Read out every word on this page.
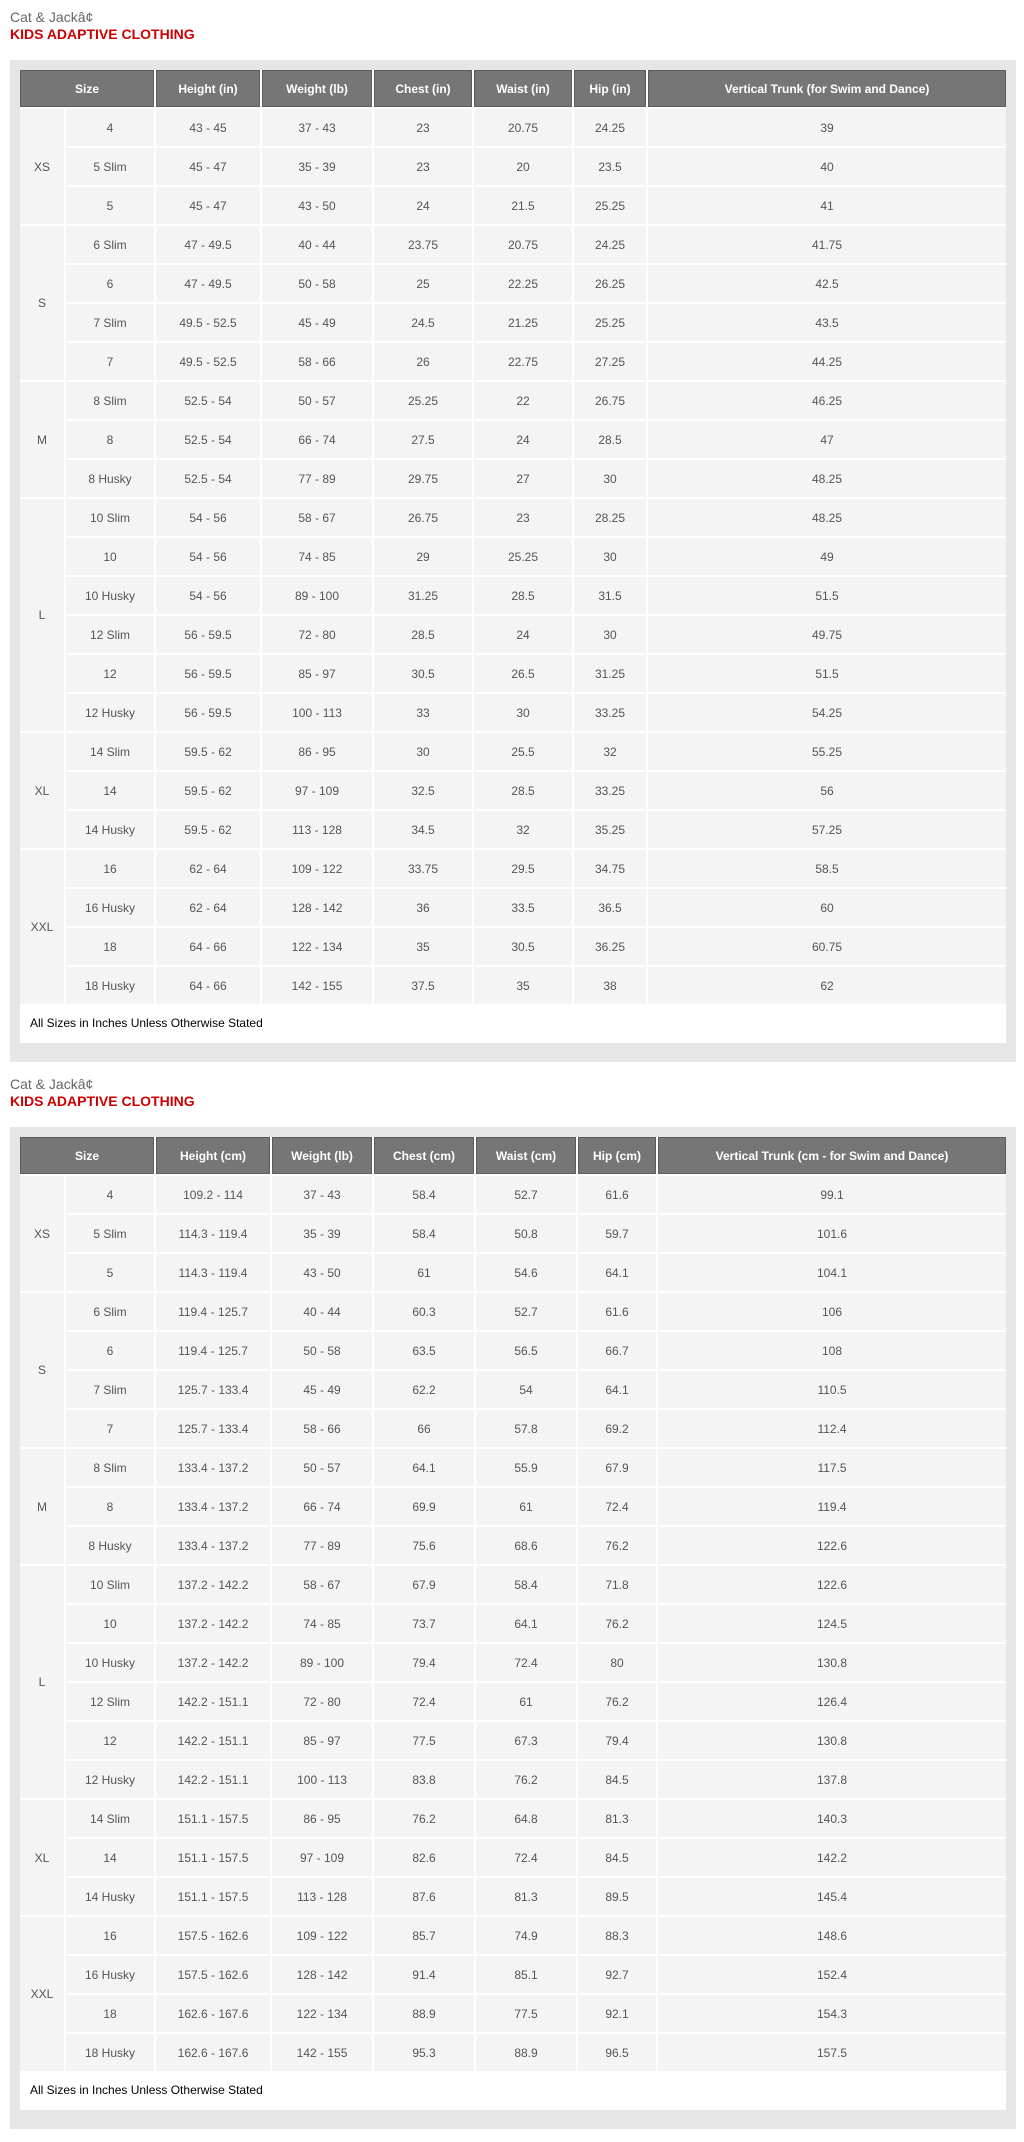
Cat & Jackâ¢
KIDS ADAPTIVE CLOTHING
Size		Height (in)	Weight (lb)	Chest (in)	Waist (in)	Hip (in)	Vertical Trunk (for Swim and Dance)
XS	4	43 - 45	37 - 43	23	20.75	24.25	39
	5 Slim	45 - 47	35 - 39	23	20	23.5	40
	5	45 - 47	43 - 50	24	21.5	25.25	41
S	6 Slim	47 - 49.5	40 - 44	23.75	20.75	24.25	41.75
	6	47 - 49.5	50 - 58	25	22.25	26.25	42.5
	7 Slim	49.5 - 52.5	45 - 49	24.5	21.25	25.25	43.5
	7	49.5 - 52.5	58 - 66	26	22.75	27.25	44.25
M	8 Slim	52.5 - 54	50 - 57	25.25	22	26.75	46.25
	8	52.5 - 54	66 - 74	27.5	24	28.5	47
	8 Husky	52.5 - 54	77 - 89	29.75	27	30	48.25
L	10 Slim	54 - 56	58 - 67	26.75	23	28.25	48.25
	10	54 - 56	74 - 85	29	25.25	30	49
	10 Husky	54 - 56	89 - 100	31.25	28.5	31.5	51.5
	12 Slim	56 - 59.5	72 - 80	28.5	24	30	49.75
	12	56 - 59.5	85 - 97	30.5	26.5	31.25	51.5
	12 Husky	56 - 59.5	100 - 113	33	30	33.25	54.25
XL	14 Slim	59.5 - 62	86 - 95	30	25.5	32	55.25
	14	59.5 - 62	97 - 109	32.5	28.5	33.25	56
	14 Husky	59.5 - 62	113 - 128	34.5	32	35.25	57.25
XXL	16	62 - 64	109 - 122	33.75	29.5	34.75	58.5
	16 Husky	62 - 64	128 - 142	36	33.5	36.5	60
	18	64 - 66	122 - 134	35	30.5	36.25	60.75
	18 Husky	64 - 66	142 - 155	37.5	35	38	62
All Sizes in Inches Unless Otherwise Stated
Cat & Jackâ¢
KIDS ADAPTIVE CLOTHING
Size		Height (cm)	Weight (lb)	Chest (cm)	Waist (cm)	Hip (cm)	Vertical Trunk (cm - for Swim and Dance)
XS	4	109.2 - 114	37 - 43	58.4	52.7	61.6	99.1
	5 Slim	114.3 - 119.4	35 - 39	58.4	50.8	59.7	101.6
	5	114.3 - 119.4	43 - 50	61	54.6	64.1	104.1
S	6 Slim	119.4 - 125.7	40 - 44	60.3	52.7	61.6	106
	6	119.4 - 125.7	50 - 58	63.5	56.5	66.7	108
	7 Slim	125.7 - 133.4	45 - 49	62.2	54	64.1	110.5
	7	125.7 - 133.4	58 - 66	66	57.8	69.2	112.4
M	8 Slim	133.4 - 137.2	50 - 57	64.1	55.9	67.9	117.5
	8	133.4 - 137.2	66 - 74	69.9	61	72.4	119.4
	8 Husky	133.4 - 137.2	77 - 89	75.6	68.6	76.2	122.6
L	10 Slim	137.2 - 142.2	58 - 67	67.9	58.4	71.8	122.6
	10	137.2 - 142.2	74 - 85	73.7	64.1	76.2	124.5
	10 Husky	137.2 - 142.2	89 - 100	79.4	72.4	80	130.8
	12 Slim	142.2 - 151.1	72 - 80	72.4	61	76.2	126.4
	12	142.2 - 151.1	85 - 97	77.5	67.3	79.4	130.8
	12 Husky	142.2 - 151.1	100 - 113	83.8	76.2	84.5	137.8
XL	14 Slim	151.1 - 157.5	86 - 95	76.2	64.8	81.3	140.3
	14	151.1 - 157.5	97 - 109	82.6	72.4	84.5	142.2
	14 Husky	151.1 - 157.5	113 - 128	87.6	81.3	89.5	145.4
XXL	16	157.5 - 162.6	109 - 122	85.7	74.9	88.3	148.6
	16 Husky	157.5 - 162.6	128 - 142	91.4	85.1	92.7	152.4
	18	162.6 - 167.6	122 - 134	88.9	77.5	92.1	154.3
	18 Husky	162.6 - 167.6	142 - 155	95.3	88.9	96.5	157.5
All Sizes in Inches Unless Otherwise Stated
